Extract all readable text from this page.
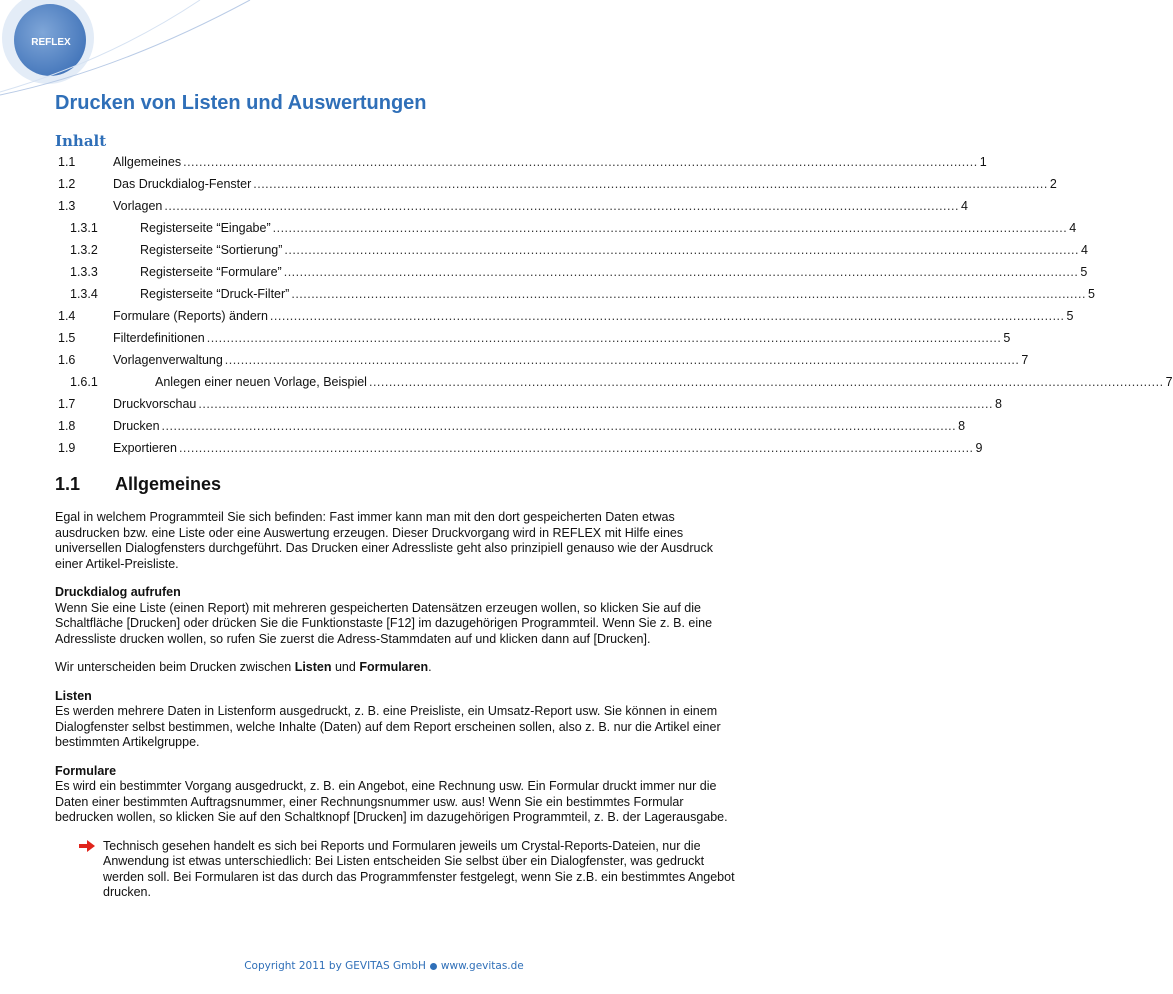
REFLEX
Drucken von Listen und Auswertungen
Inhalt
1.1	Allgemeines ........................................................................................................................................................................................................ 1
1.2	Das Druckdialog-Fenster ........................................................................................................................................................................................................ 2
1.3	Vorlagen ........................................................................................................................................................................................................ 4
1.3.1	Registerseite “Eingabe” ........................................................................................................................................................................................................ 4
1.3.2	Registerseite “Sortierung” ........................................................................................................................................................................................................ 4
1.3.3	Registerseite “Formulare” ........................................................................................................................................................................................................ 5
1.3.4	Registerseite “Druck-Filter” ........................................................................................................................................................................................................ 5
1.4	Formulare (Reports) ändern ........................................................................................................................................................................................................ 5
1.5	Filterdefinitionen ........................................................................................................................................................................................................ 5
1.6	Vorlagenverwaltung ........................................................................................................................................................................................................ 7
1.6.1	Anlegen einer neuen Vorlage, Beispiel ........................................................................................................................................................................................................ 7
1.7	Druckvorschau ........................................................................................................................................................................................................ 8
1.8	Drucken ........................................................................................................................................................................................................ 8
1.9	Exportieren ........................................................................................................................................................................................................ 9
1.1 Allgemeines

Egal in welchem Programmteil Sie sich befinden: Fast immer kann man mit den dort gespeicherten Daten etwas ausdrucken bzw. eine Liste oder eine Auswertung erzeugen. Dieser Druckvorgang wird in REFLEX mit Hilfe eines universellen Dialogfensters durchgeführt. Das Drucken einer Adressliste geht also prinzipiell genauso wie der Ausdruck einer Artikel-Preisliste.

Druckdialog aufrufen
Wenn Sie eine Liste (einen Report) mit mehreren gespeicherten Datensätzen erzeugen wollen, so klicken Sie auf die Schaltfläche [Drucken] oder drücken Sie die Funktionstaste [F12] im dazugehörigen Programmteil. Wenn Sie z. B. eine Adressliste drucken wollen, so rufen Sie zuerst die Adress-Stammdaten auf und klicken dann auf [Drucken].

Wir unterscheiden beim Drucken zwischen Listen und Formularen.

Listen
Es werden mehrere Daten in Listenform ausgedruckt, z. B. eine Preisliste, ein Umsatz-Report usw. Sie können in einem Dialogfenster selbst bestimmen, welche Inhalte (Daten) auf dem Report erscheinen sollen, also z. B. nur die Artikel einer bestimmten Artikelgruppe.

Formulare
Es wird ein bestimmter Vorgang ausgedruckt, z. B. ein Angebot, eine Rechnung usw. Ein Formular druckt immer nur die Daten einer bestimmten Auftragsnummer, einer Rechnungsnummer usw. aus! Wenn Sie ein bestimmtes Formular bedrucken wollen, so klicken Sie auf den Schaltknopf [Drucken] im dazugehörigen Programmteil, z. B. der Lagerausgabe.

Technisch gesehen handelt es sich bei Reports und Formularen jeweils um Crystal-Reports-Dateien, nur die Anwendung ist etwas unterschiedlich: Bei Listen entscheiden Sie selbst über ein Dialogfenster, was gedruckt werden soll. Bei Formularen ist das durch das Programmfenster festgelegt, wenn Sie z.B. ein bestimmtes Angebot drucken.
Copyright 2011 by GEVITAS GmbH www.gevitas.de
